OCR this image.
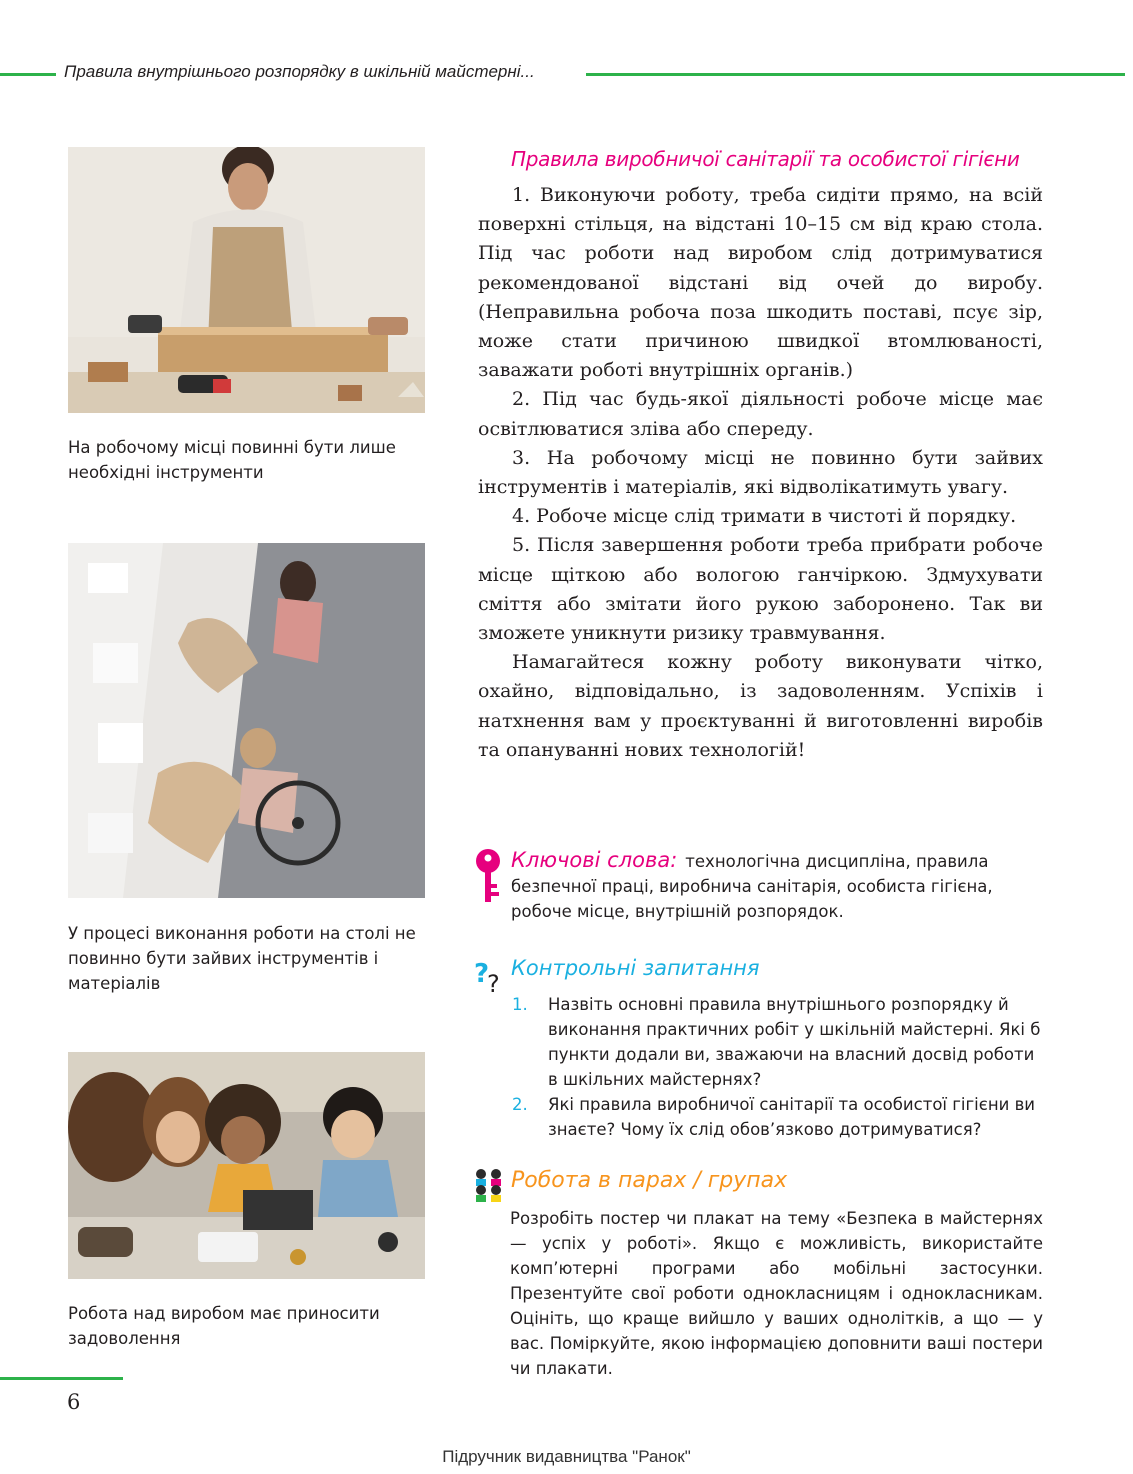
Правила внутрішнього розпорядку в шкільній майстерні...
На робочому місці повинні бути лише необхідні інструменти
У процесі виконання роботи на столі не повинно бути зайвих інструментів і матеріалів
Робота над виробом має приносити задоволення
Правила виробничої санітарії та особистої гігієни

1. Виконуючи роботу, треба сидіти прямо, на всій поверхні стільця, на відстані 10–15 см від краю стола. Під час роботи над виробом слід дотримуватися рекомендованої відстані від очей до виробу. (Неправильна робоча поза шкодить поставі, псує зір, може стати причиною швидкої втомлюваності, заважати роботі внутрішніх органів.)

2. Під час будь-якої діяльності робоче місце має освітлюватися зліва або спереду.

3. На робочому місці не повинно бути зайвих інструментів і матеріалів, які відволікатимуть увагу.

4. Робоче місце слід тримати в чистоті й порядку.

5. Після завершення роботи треба прибрати робоче місце щіткою або вологою ганчіркою. Здмухувати сміття або змітати його рукою заборонено. Так ви зможете уникнути ризику травмування.

Намагайтеся кожну роботу виконувати чітко, охайно, відповідально, із задоволенням. Успіхів і натхнення вам у проєктуванні й виготовленні виробів та опануванні нових технологій!

Ключові слова: технологічна дисципліна, правила безпечної праці, виробнича санітарія, особиста гігієна, робоче місце, внутрішній розпорядок.
?
?
Контрольні запитання
1. Назвіть основні правила внутрішнього розпорядку й виконання практичних робіт у шкільній майстерні. Які б пункти додали ви, зважаючи на власний досвід роботи в шкільних майстернях?
2. Які правила виробничої санітарії та особистої гігієни ви знаєте? Чому їх слід обов’язково дотримуватися?
Робота в парах / групах
Розробіть постер чи плакат на тему «Безпека в майстернях — успіх у роботі». Якщо є можливість, використайте комп’ютерні програми або мобільні застосунки. Презентуйте свої роботи однокласницям і однокласникам. Оцініть, що краще вийшло у ваших однолітків, а що — у вас. Поміркуйте, якою інформацією доповнити ваші постери чи плакати.
6
Підручник видавництва "Ранок"
